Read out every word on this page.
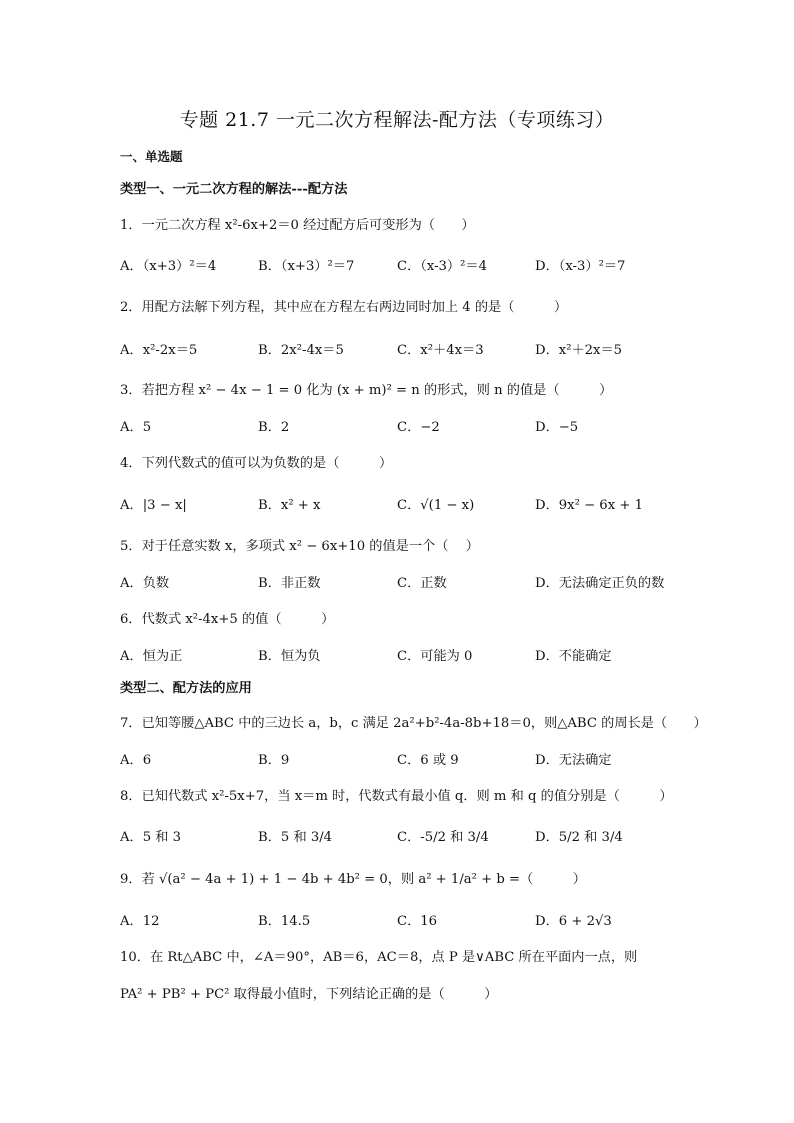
专题 21.7 一元二次方程解法-配方法（专项练习）
一、单选题
类型一、一元二次方程的解法---配方法
1．一元二次方程 x²-6x+2＝0 经过配方后可变形为（　　）
A．（x+3）²＝4	B．（x+3）²＝7	C．（x-3）²＝4	D．（x-3）²＝7
2．用配方法解下列方程，其中应在方程左右两边同时加上 4 的是（　　　）
A．x²-2x＝5	B．2x²-4x＝5	C．x²＋4x＝3	D．x²＋2x＝5
3．若把方程 x² − 4x − 1 = 0 化为 (x + m)² = n 的形式，则 n 的值是（　　　）
A．5	B．2	C．−2	D．−5
4．下列代数式的值可以为负数的是（　　　）
A．|3 − x|	B．x² + x	C．√(1 − x)	D．9x² − 6x + 1
5．对于任意实数 x，多项式 x² − 6x+10 的值是一个（　 ）
A．负数	B．非正数	C．正数	D．无法确定正负的数
6．代数式 x²-4x+5 的值（　　　）
A．恒为正	B．恒为负	C．可能为 0	D．不能确定
类型二、配方法的应用
7．已知等腰△ABC 中的三边长 a，b，c 满足 2a²+b²-4a-8b+18＝0，则△ABC 的周长是（　　）
A．6	B．9	C．6 或 9	D．无法确定
8．已知代数式 x²-5x+7，当 x＝m 时，代数式有最小值 q．则 m 和 q 的值分别是（　　　）
A．5 和 3	B．5 和 3/4	C．-5/2 和 3/4	D．5/2 和 3/4
9．若 √(a² − 4a + 1) + 1 − 4b + 4b² = 0，则 a² + 1/a² + b =（　　　）
A．12	B．14.5	C．16	D．6 + 2√3
10．在 Rt△ABC 中，∠A＝90°，AB＝6，AC＝8，点 P 是∨ABC 所在平面内一点，则
PA² + PB² + PC² 取得最小值时，下列结论正确的是（　　　）
